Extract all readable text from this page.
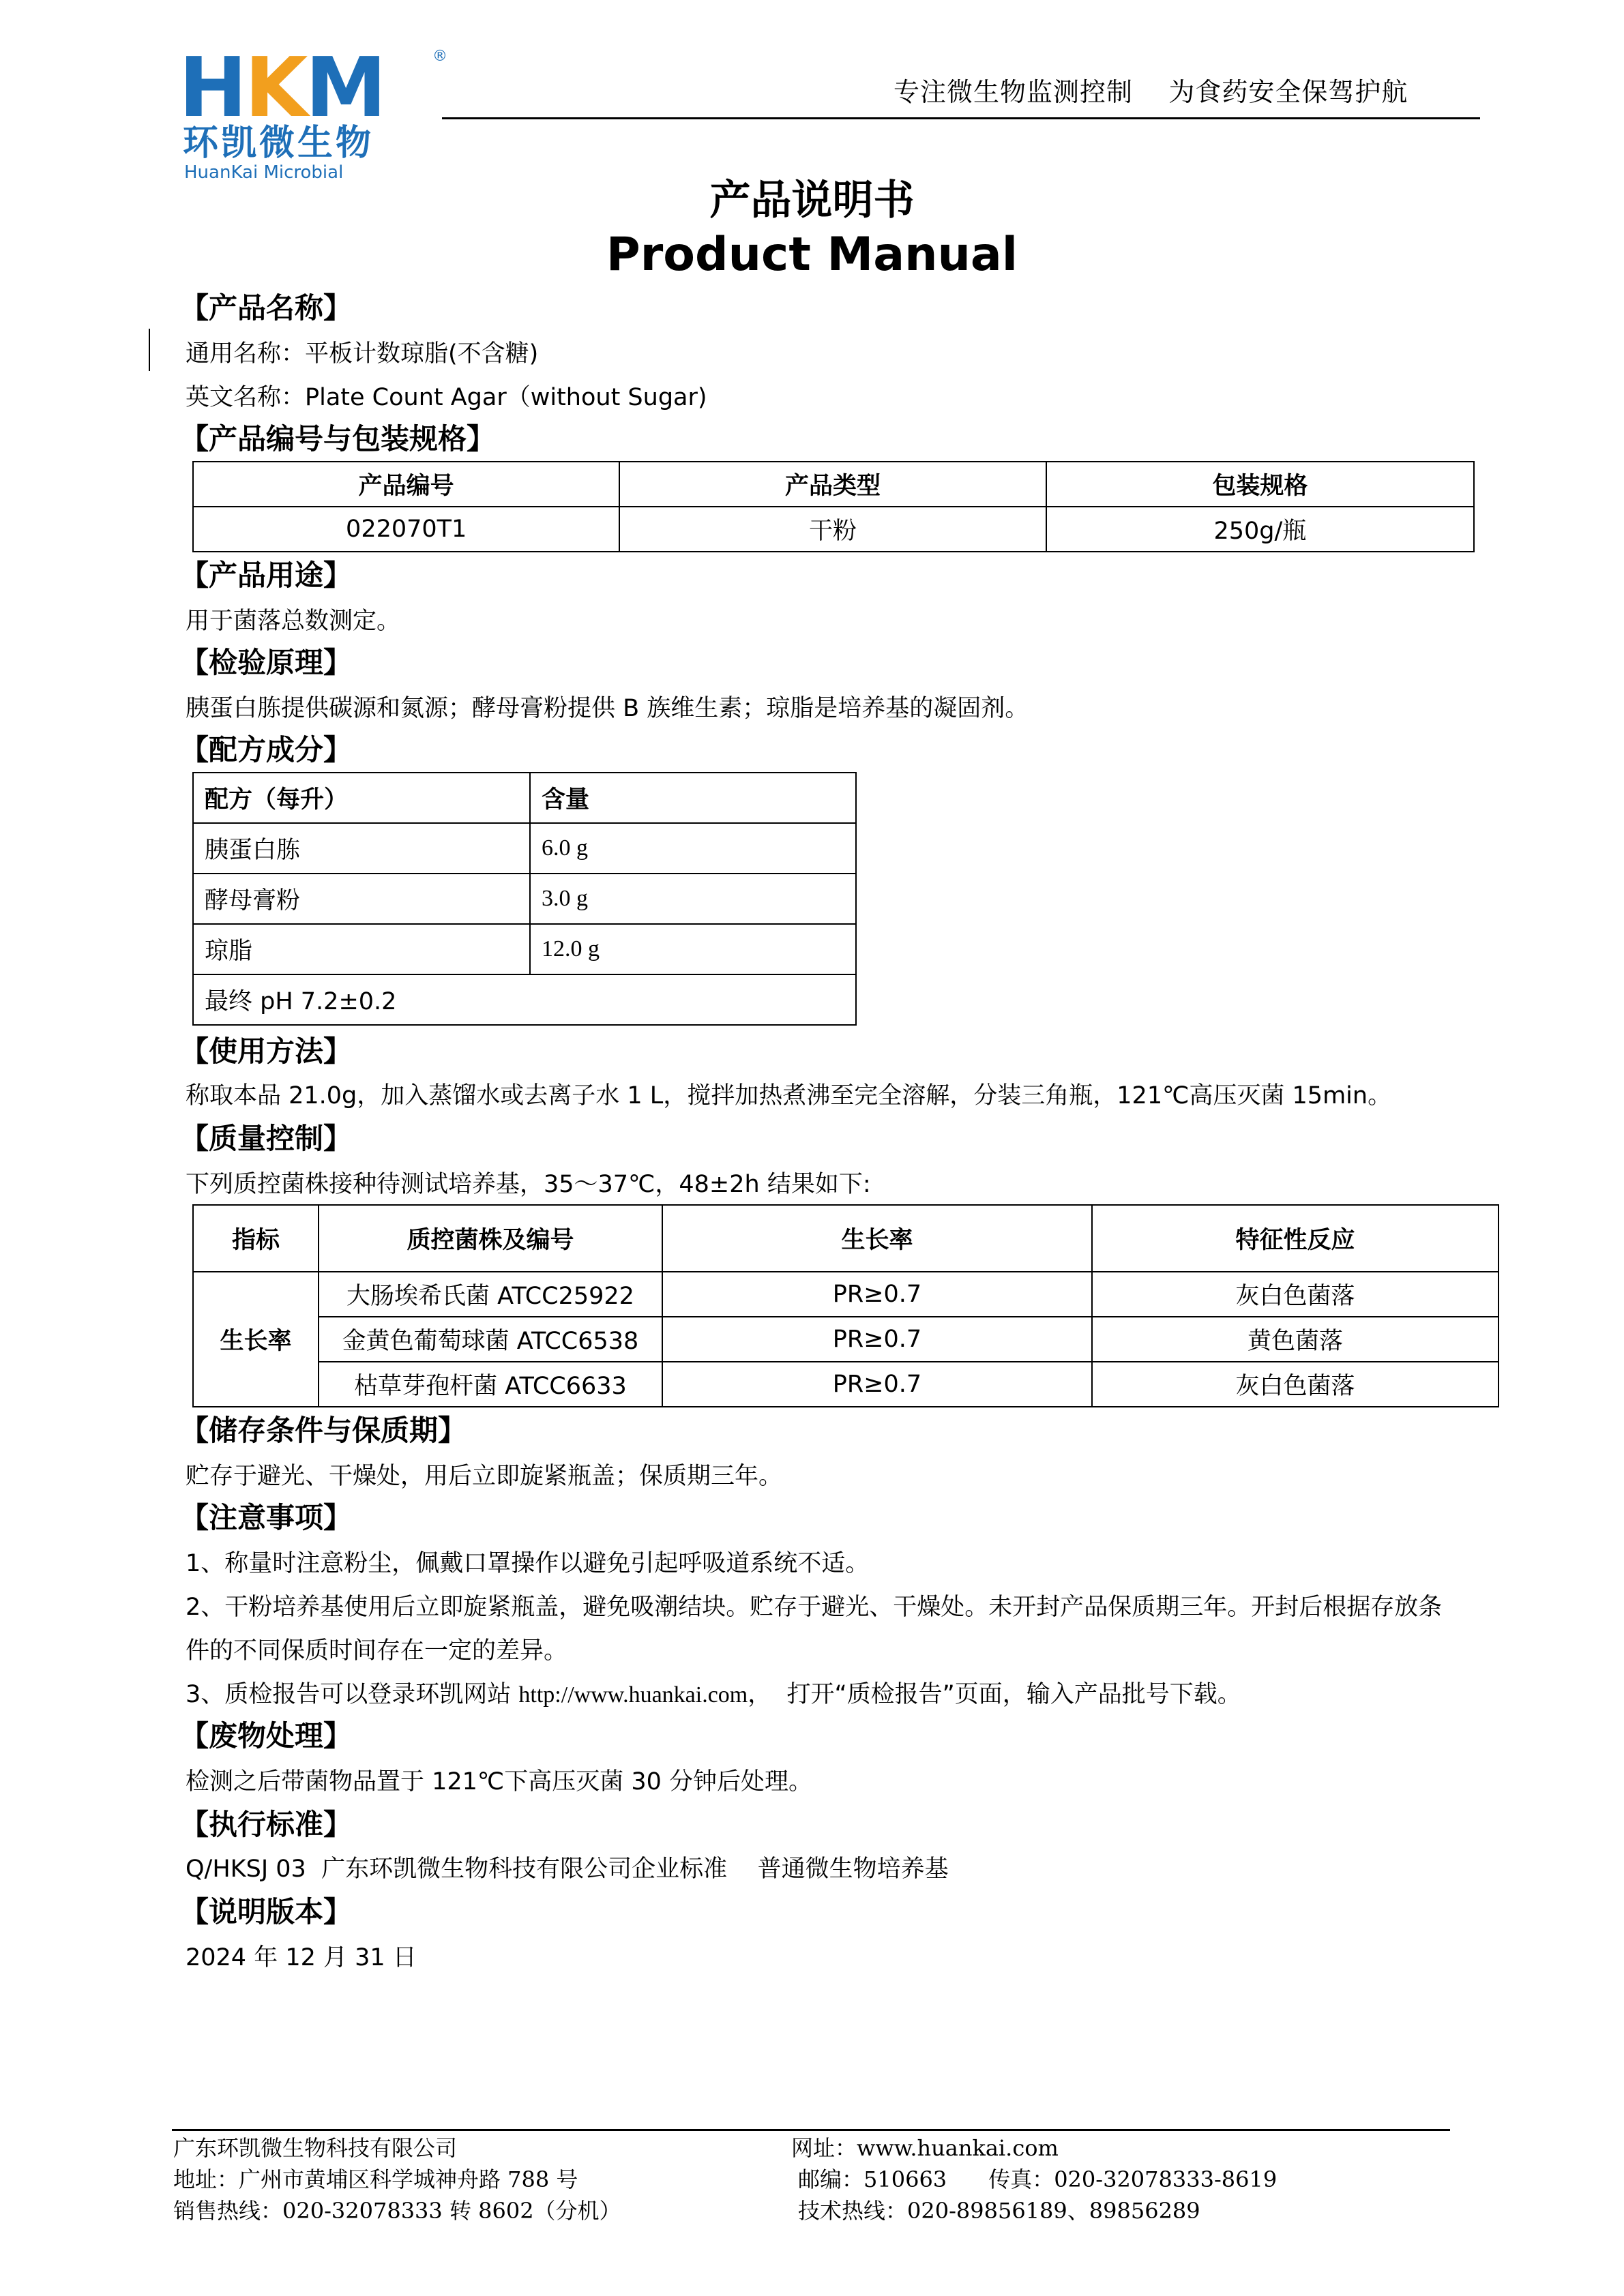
HKM	®
环凯微生物
HuanKai Microbial
专注微生物监测控制    为食药安全保驾护航
产品说明书
Product Manual
【产品名称】
通用名称：平板计数琼脂(不含糖)
英文名称：Plate Count Agar（without Sugar)
【产品编号与包装规格】
产品编号	产品类型	包装规格
022070T1	干粉	250g/瓶
【产品用途】
用于菌落总数测定。
【检验原理】
胰蛋白胨提供碳源和氮源；酵母膏粉提供 B 族维生素；琼脂是培养基的凝固剂。
【配方成分】
配方（每升）	含量
胰蛋白胨	6.0 g
酵母膏粉	3.0 g
琼脂	12.0 g
最终 pH 7.2±0.2	
【使用方法】
称取本品 21.0g，加入蒸馏水或去离子水 1 L，搅拌加热煮沸至完全溶解，分装三角瓶，121℃高压灭菌 15min。
【质量控制】
下列质控菌株接种待测试培养基，35～37℃，48±2h 结果如下:
指标	质控菌株及编号	生长率	特征性反应
生长率	大肠埃希氏菌 ATCC25922	PR≥0.7	灰白色菌落
	金黄色葡萄球菌 ATCC6538	PR≥0.7	黄色菌落
	枯草芽孢杆菌 ATCC6633	PR≥0.7	灰白色菌落
【储存条件与保质期】
贮存于避光、干燥处，用后立即旋紧瓶盖；保质期三年。
【注意事项】
1、称量时注意粉尘，佩戴口罩操作以避免引起呼吸道系统不适。
2、干粉培养基使用后立即旋紧瓶盖，避免吸潮结块。贮存于避光、干燥处。未开封产品保质期三年。开封后根据存放条
件的不同保质时间存在一定的差异。
3、质检报告可以登录环凯网站 http://www.huankai.com，  打开“质检报告”页面，输入产品批号下载。
【废物处理】
检测之后带菌物品置于 121℃下高压灭菌 30 分钟后处理。
【执行标准】
Q/HKSJ 03  广东环凯微生物科技有限公司企业标准    普通微生物培养基
【说明版本】
2024 年 12 月 31 日
广东环凯微生物科技有限公司
地址：广州市黄埔区科学城神舟路 788 号
销售热线：020-32078333 转 8602（分机）
网址：www.huankai.com
邮编：510663      传真：020-32078333-8619
技术热线：020-89856189、89856289
